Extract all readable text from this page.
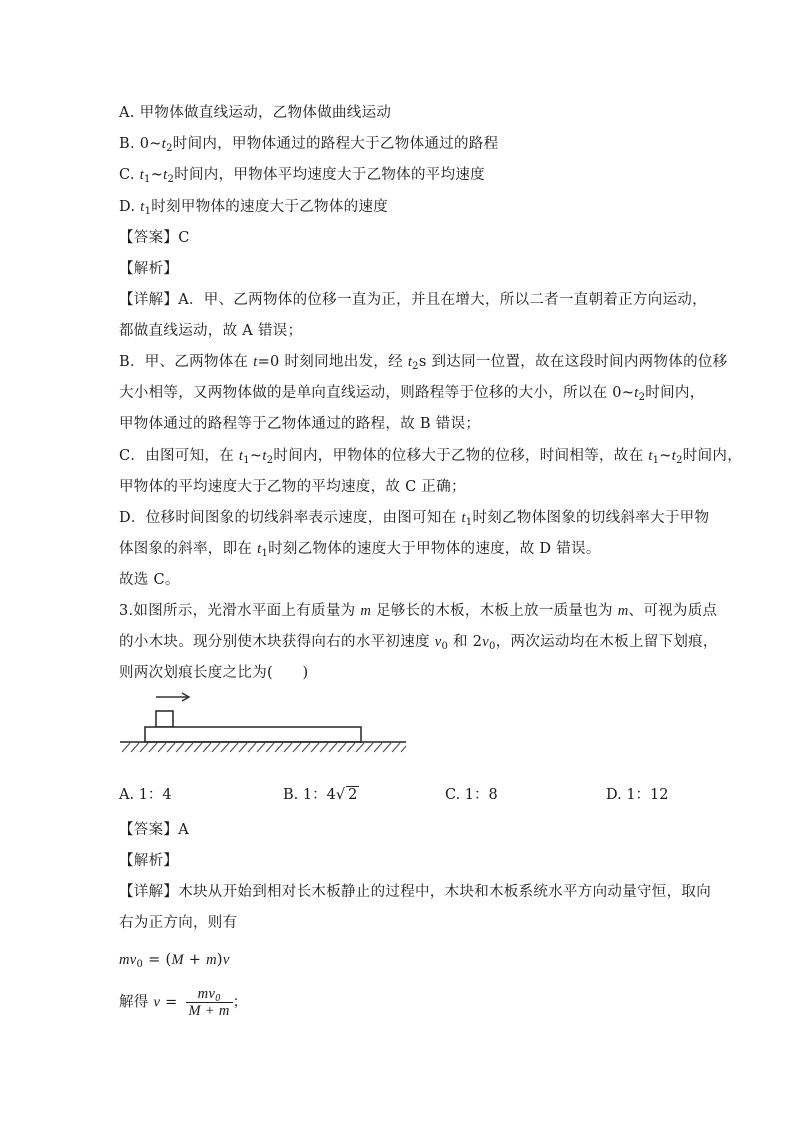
A. 甲物体做直线运动，乙物体做曲线运动
B. $0\sim t_2$时间内，甲物体通过的路程大于乙物体通过的路程
C. $t_1\sim t_2$时间内，甲物体平均速度大于乙物体的平均速度
D. $t_1$时刻甲物体的速度大于乙物体的速度
【答案】C
【解析】
【详解】A．甲、乙两物体的位移一直为正，并且在增大，所以二者一直朝着正方向运动，
都做直线运动，故 A 错误；
B．甲、乙两物体在 t=0 时刻同地出发，经 $t_2s$ 到达同一位置，故在这段时间内两物体的位移
大小相等，又两物体做的是单向直线运动，则路程等于位移的大小，所以在 $0\sim t_2$时间内，
甲物体通过的路程等于乙物体通过的路程，故 B 错误；
C．由图可知，在 $t_1\sim t_2$时间内，甲物体的位移大于乙物的位移，时间相等，故在 $t_1\sim t_2$时间内，
甲物体的平均速度大于乙物的平均速度，故 C 正确；
D．位移时间图象的切线斜率表示速度，由图可知在 $t_1$时刻乙物体图象的切线斜率大于甲物
体图象的斜率，即在 $t_1$时刻乙物体的速度大于甲物体的速度，故 D 错误。
故选 C。
3.如图所示，光滑水平面上有质量为 m 足够长的木板，木板上放一质量也为 m、可视为质点
的小木块。现分别使木块获得向右的水平初速度 $v_0$ 和 $2v_0$，两次运动均在木板上留下划痕，
则两次划痕长度之比为(　　)
A. 1：4	B. 1：4√ 2	C. 1：8	D. 1：12
【答案】A
【解析】
【详解】木块从开始到相对长木板静止的过程中，木块和木板系统水平方向动量守恒，取向
右为正方向，则有
$mv_0 = (M + m)v$
解得 $v = \frac{mv_0}{M + m}$ ；
